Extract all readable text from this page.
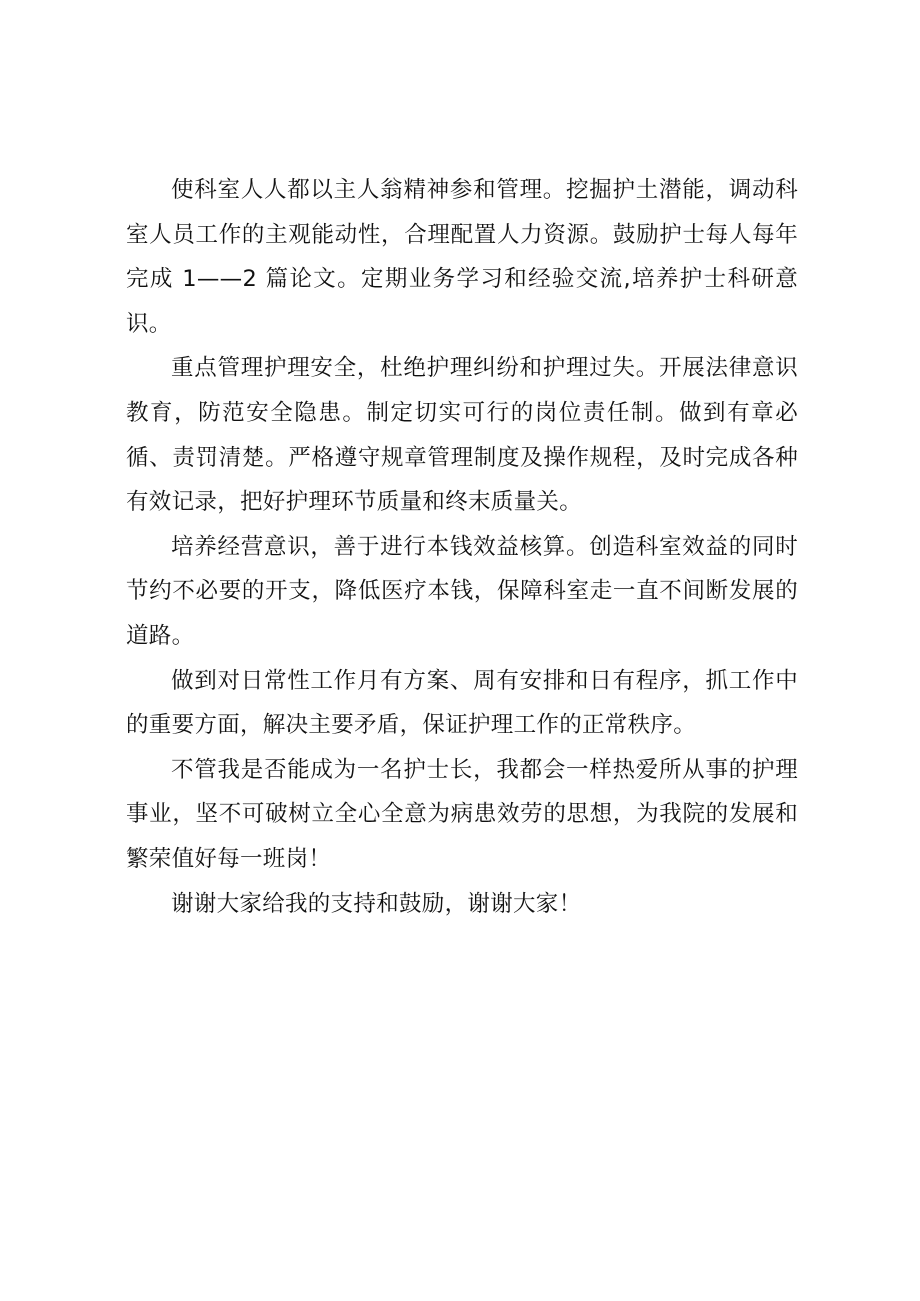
使科室人人都以主人翁精神参和管理。挖掘护土潜能，调动科室人员工作的主观能动性，合理配置人力资源。鼓励护士每人每年完成 1——2 篇论文。定期业务学习和经验交流,培养护士科研意识。

重点管理护理安全，杜绝护理纠纷和护理过失。开展法律意识教育，防范安全隐患。制定切实可行的岗位责任制。做到有章必循、责罚清楚。严格遵守规章管理制度及操作规程，及时完成各种有效记录，把好护理环节质量和终末质量关。

培养经营意识，善于进行本钱效益核算。创造科室效益的同时节约不必要的开支，降低医疗本钱，保障科室走一直不间断发展的道路。

做到对日常性工作月有方案、周有安排和日有程序，抓工作中的重要方面，解决主要矛盾，保证护理工作的正常秩序。

不管我是否能成为一名护士长，我都会一样热爱所从事的护理事业，坚不可破树立全心全意为病患效劳的思想，为我院的发展和繁荣值好每一班岗！

谢谢大家给我的支持和鼓励，谢谢大家！
